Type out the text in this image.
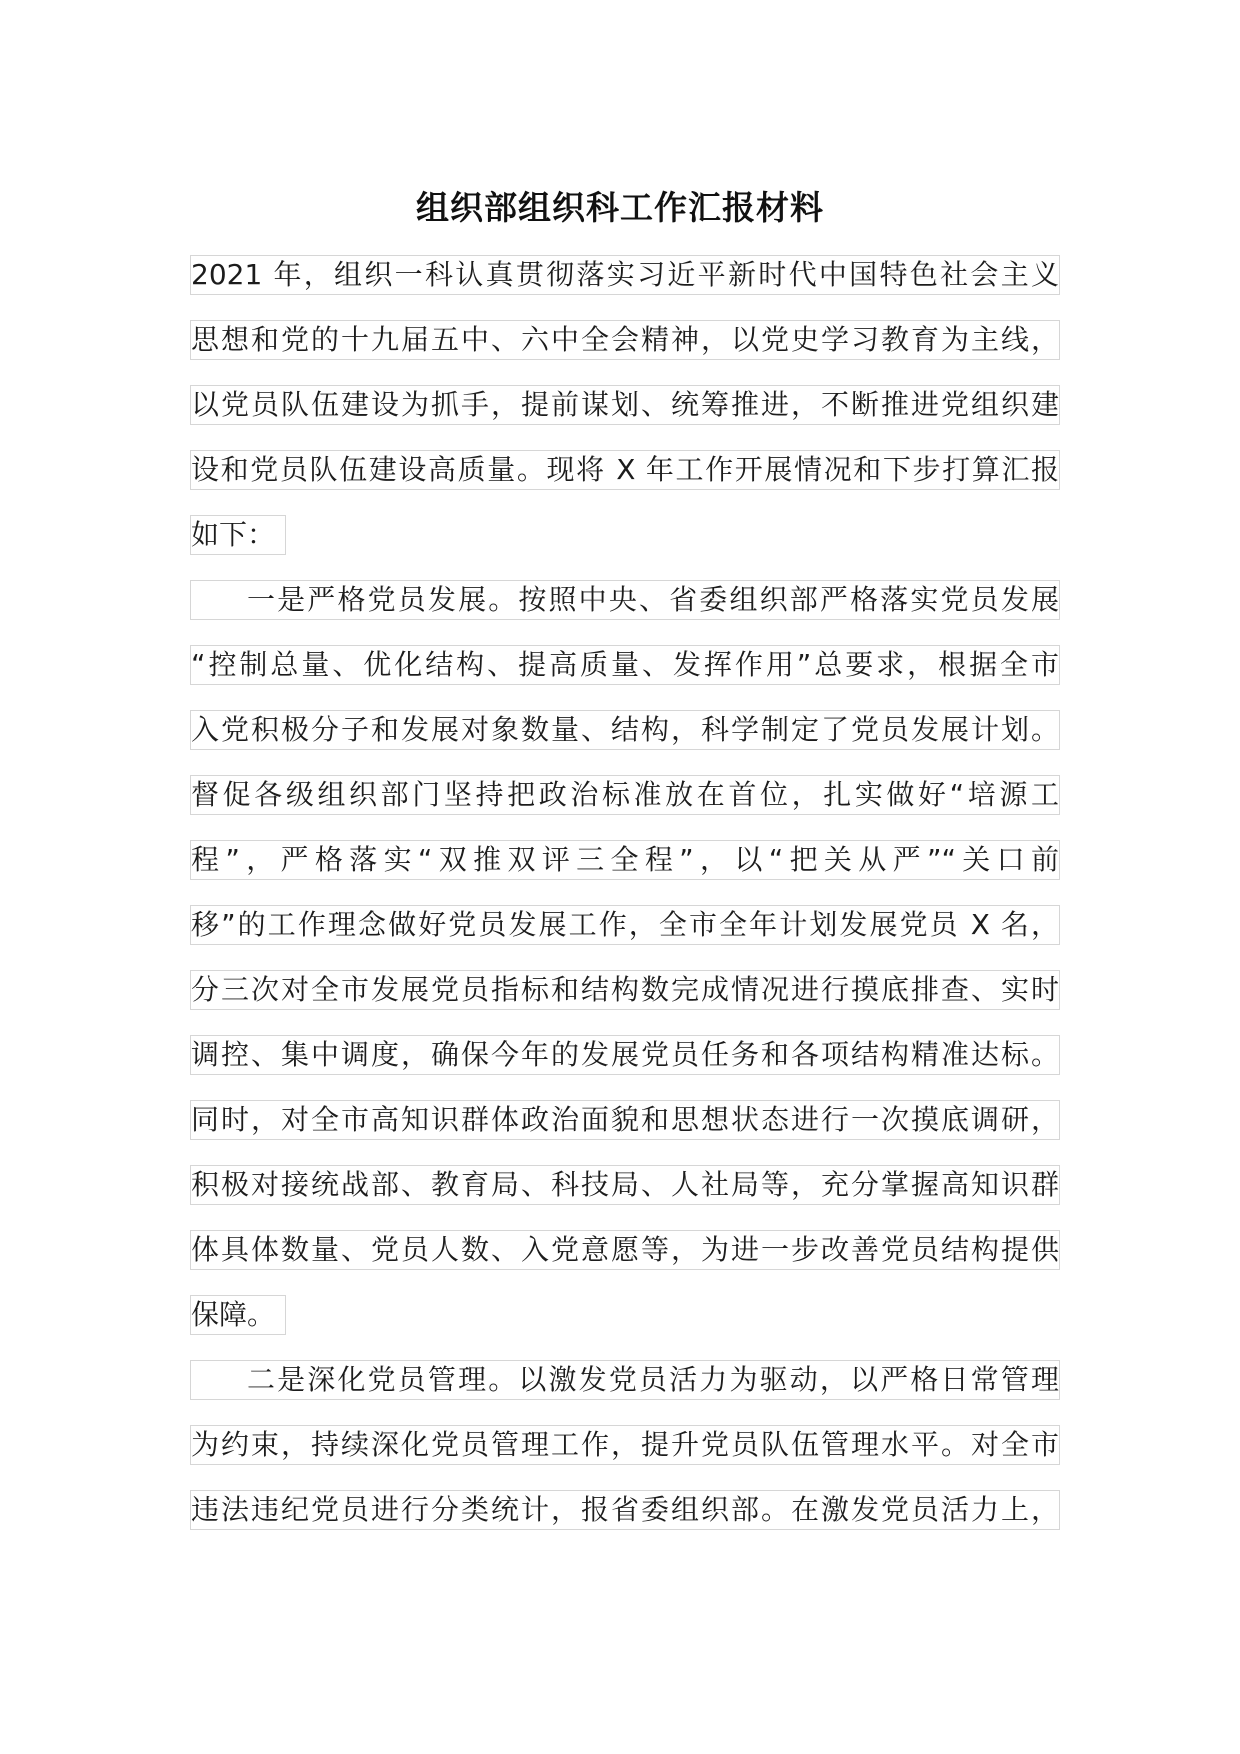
组织部组织科工作汇报材料
2021 年，组织一科认真贯彻落实习近平新时代中国特色社会主义
思想和党的十九届五中、六中全会精神，以党史学习教育为主线，
以党员队伍建设为抓手，提前谋划、统筹推进，不断推进党组织建
设和党员队伍建设高质量。现将 X 年工作开展情况和下步打算汇报
如下：
一是严格党员发展。按照中央、省委组织部严格落实党员发展
“控制总量、优化结构、提高质量、发挥作用”总要求，根据全市
入党积极分子和发展对象数量、结构，科学制定了党员发展计划。
督促各级组织部门坚持把政治标准放在首位，扎实做好“培源工
程”，严格落实“双推双评三全程”，以“把关从严”“关口前
移”的工作理念做好党员发展工作，全市全年计划发展党员 X 名，
分三次对全市发展党员指标和结构数完成情况进行摸底排查、实时
调控、集中调度，确保今年的发展党员任务和各项结构精准达标。
同时，对全市高知识群体政治面貌和思想状态进行一次摸底调研，
积极对接统战部、教育局、科技局、人社局等，充分掌握高知识群
体具体数量、党员人数、入党意愿等，为进一步改善党员结构提供
保障。
二是深化党员管理。以激发党员活力为驱动，以严格日常管理
为约束，持续深化党员管理工作，提升党员队伍管理水平。对全市
违法违纪党员进行分类统计，报省委组织部。在激发党员活力上，
